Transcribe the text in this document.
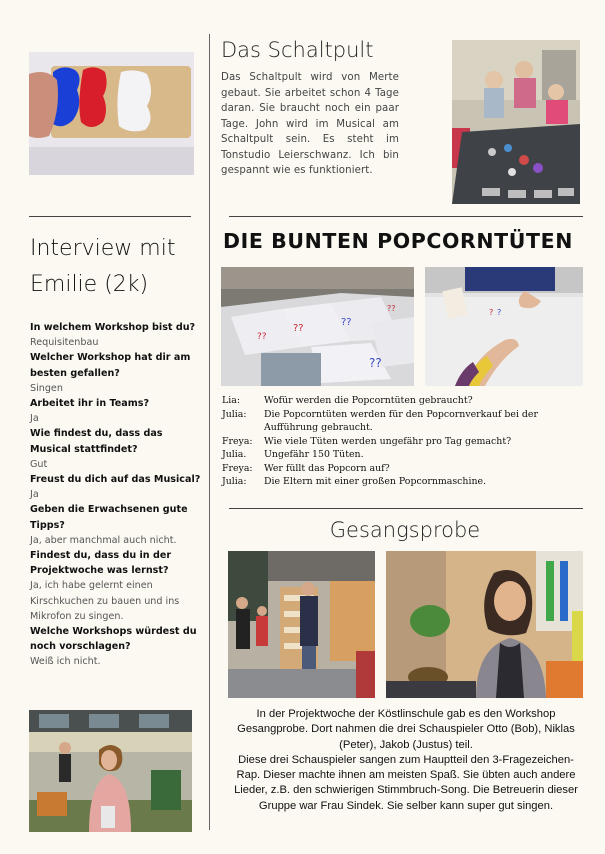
Das Schaltpult
Das Schaltpult wird von Merte gebaut. Sie arbeitet schon 4 Tage daran. Sie braucht noch ein paar Tage. John wird im Musical am Schaltpult sein. Es steht im Tonstudio Leierschwanz. Ich bin gespannt wie es funktioniert.
DIE BUNTEN POPCORNTÜTEN
??
??
??
??
??	? ?
Lia:	Wofür werden die Popcorntüten gebraucht?
Julia:	Die Popcorntüten werden für den Popcornverkauf bei der Aufführung gebraucht.
Freya:	Wie viele Tüten werden ungefähr pro Tag gemacht?
Julia.	Ungefähr 150 Tüten.
Freya:	Wer füllt das Popcorn auf?
Julia:	Die Eltern mit einer großen Popcornmaschine.
Gesangsprobe
In der Projektwoche der Köstlinschule gab es den Workshop Gesangprobe. Dort nahmen die drei Schauspieler Otto (Bob), Niklas (Peter), Jakob (Justus) teil.
Diese drei Schauspieler sangen zum Hauptteil den 3-Fragezeichen-Rap. Dieser machte ihnen am meisten Spaß. Sie übten auch andere Lieder, z.B. den schwierigen Stimmbruch-Song. Die Betreuerin dieser Gruppe war Frau Sindek. Sie selber kann super gut singen.
Interview mit
Emilie (2k)
In welchem Workshop bist du?
Requisitenbau
Welcher Workshop hat dir am besten gefallen?
Singen
Arbeitet ihr in Teams?
Ja
Wie findest du, dass das Musical stattfindet?
Gut
Freust du dich auf das Musical?
Ja
Geben die Erwachsenen gute Tipps?
Ja, aber manchmal auch nicht.
Findest du, dass du in der Projektwoche was lernst?
Ja, ich habe gelernt einen Kirschkuchen zu bauen und ins Mikrofon zu singen.
Welche Workshops würdest du noch vorschlagen?
Weiß ich nicht.
